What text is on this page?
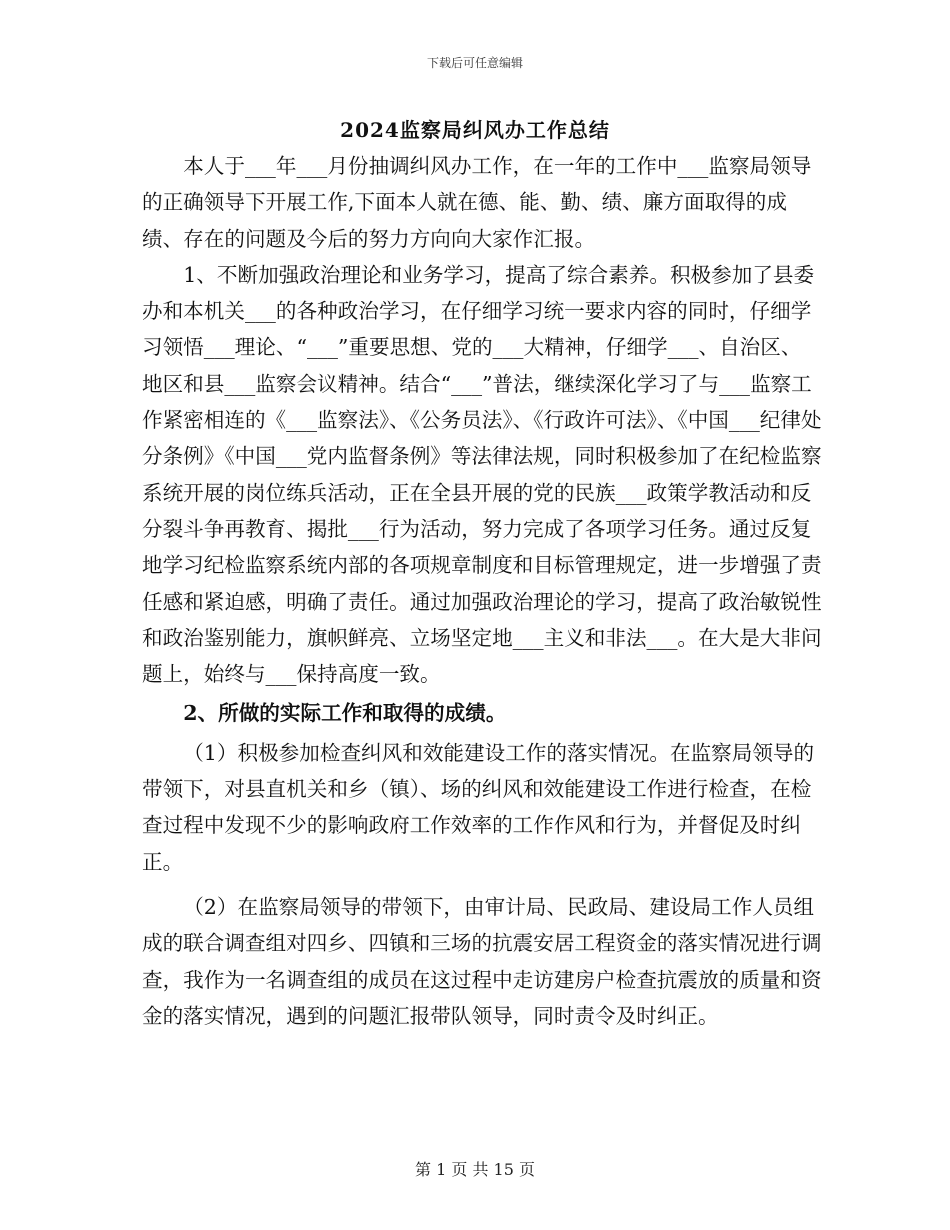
下载后可任意编辑
2024监察局纠风办工作总结

本人于___年___月份抽调纠风办工作，在一年的工作中___监察局领导的正确领导下开展工作,下面本人就在德、能、勤、绩、廉方面取得的成绩、存在的问题及今后的努力方向向大家作汇报。

1、不断加强政治理论和业务学习，提高了综合素养。积极参加了县委办和本机关___的各种政治学习，在仔细学习统一要求内容的同时，仔细学习领悟___理论、“___”重要思想、党的___大精神，仔细学___、自治区、地区和县___监察会议精神。结合“___”普法，继续深化学习了与___监察工作紧密相连的《___监察法》、《公务员法》、《行政许可法》、《中国___纪律处分条例》《中国___党内监督条例》等法律法规，同时积极参加了在纪检监察系统开展的岗位练兵活动，正在全县开展的党的民族___政策学教活动和反分裂斗争再教育、揭批___行为活动，努力完成了各项学习任务。通过反复地学习纪检监察系统内部的各项规章制度和目标管理规定，进一步增强了责任感和紧迫感，明确了责任。通过加强政治理论的学习，提高了政治敏锐性和政治鉴别能力，旗帜鲜亮、立场坚定地___主义和非法___。在大是大非问题上，始终与___保持高度一致。

2、所做的实际工作和取得的成绩。

（1）积极参加检查纠风和效能建设工作的落实情况。在监察局领导的带领下，对县直机关和乡（镇）、场的纠风和效能建设工作进行检查，在检查过程中发现不少的影响政府工作效率的工作作风和行为，并督促及时纠正。

（2）在监察局领导的带领下，由审计局、民政局、建设局工作人员组成的联合调查组对四乡、四镇和三场的抗震安居工程资金的落实情况进行调查，我作为一名调查组的成员在这过程中走访建房户检查抗震放的质量和资金的落实情况，遇到的问题汇报带队领导，同时责令及时纠正。

第 1 页 共 15 页
